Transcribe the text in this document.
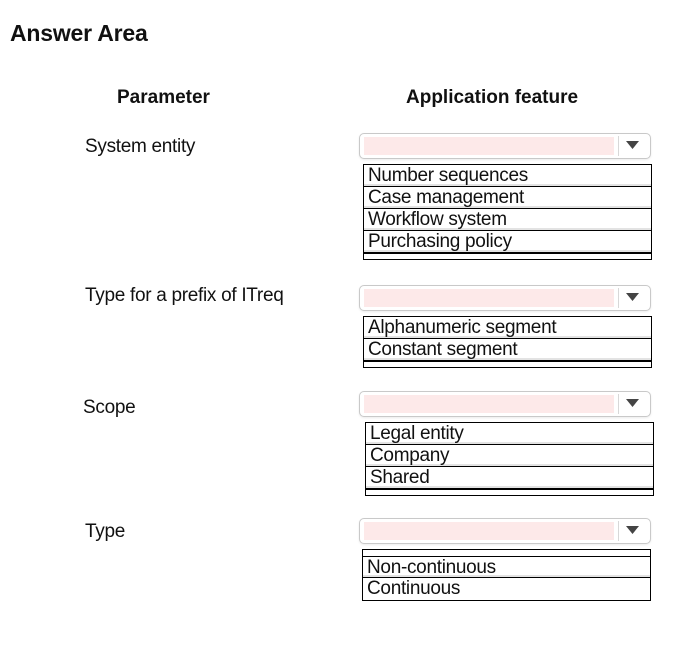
Answer Area
Parameter	Application feature
System entity
Number sequences
Case management
Workflow system
Purchasing policy
Type for a prefix of ITreq
Alphanumeric segment
Constant segment
Scope
Legal entity
Company
Shared
Type
Non-continuous
Continuous
